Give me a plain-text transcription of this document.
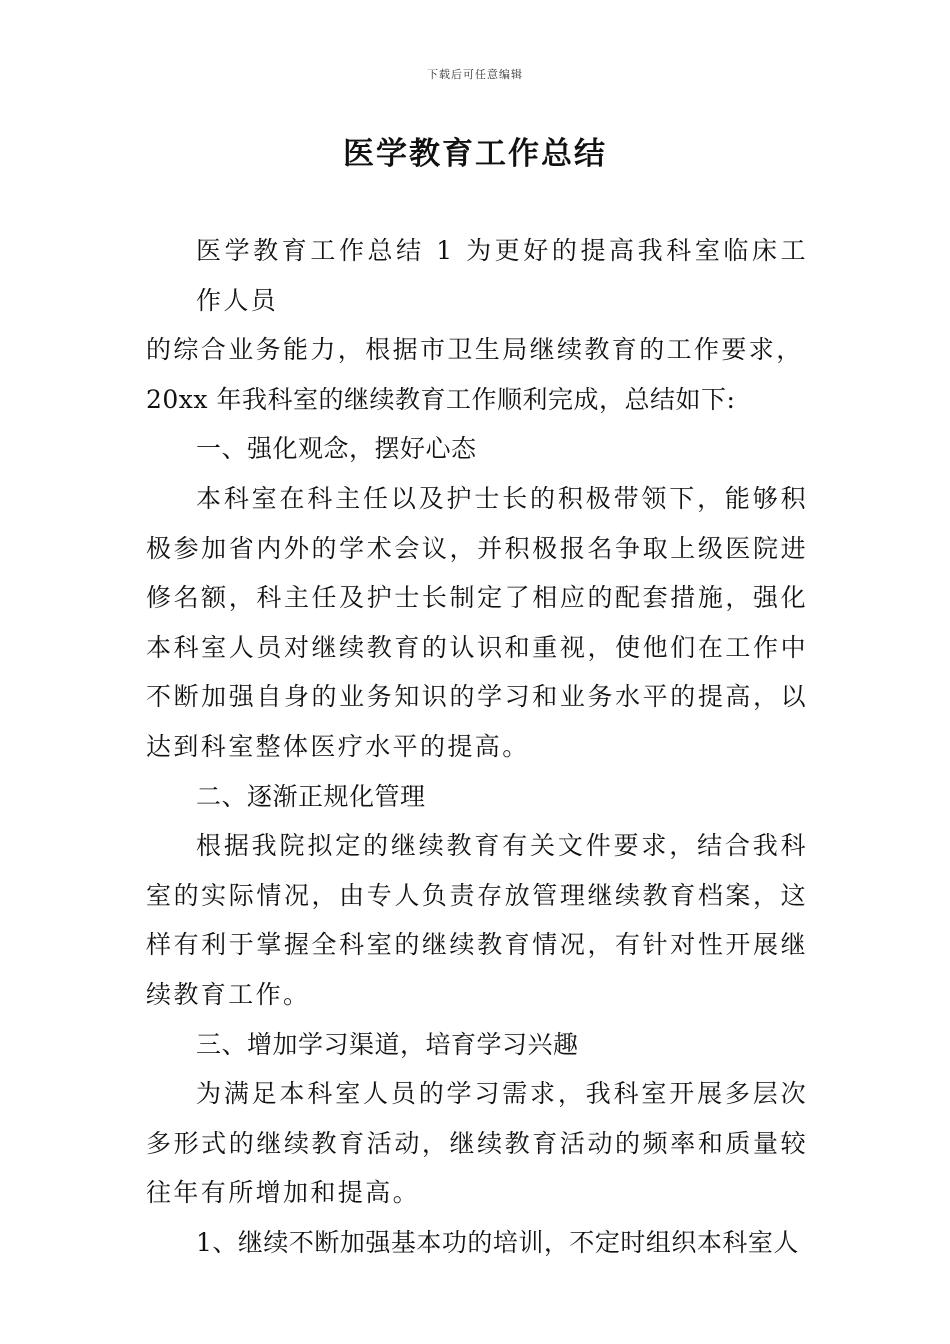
下载后可任意编辑
医学教育工作总结

医学教育工作总结 1 为更好的提高我科室临床工作人员
的综合业务能力，根据市卫生局继续教育的工作要求，
20xx 年我科室的继续教育工作顺利完成，总结如下:

一、强化观念，摆好心态

本科室在科主任以及护士长的积极带领下，能够积极参加省内外的学术会议，并积极报名争取上级医院进修名额，科主任及护士长制定了相应的配套措施，强化本科室人员对继续教育的认识和重视，使他们在工作中不断加强自身的业务知识的学习和业务水平的提高，以达到科室整体医疗水平的提高。

二、逐渐正规化管理

根据我院拟定的继续教育有关文件要求，结合我科室的实际情况，由专人负责存放管理继续教育档案，这样有利于掌握全科室的继续教育情况，有针对性开展继续教育工作。

三、增加学习渠道，培育学习兴趣

为满足本科室人员的学习需求，我科室开展多层次多形式的继续教育活动，继续教育活动的频率和质量较往年有所增加和提高。

1、继续不断加强基本功的培训，不定时组织本科室人
